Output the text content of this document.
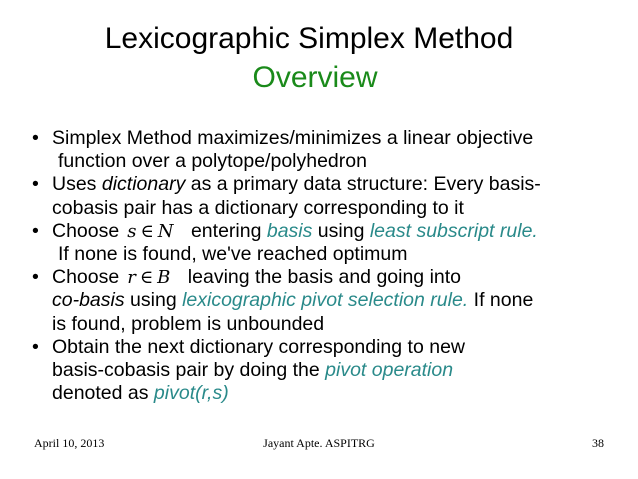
Lexicographic Simplex Method
Overview
• Simplex Method maximizes/minimizes a linear objective
function over a polytope/polyhedron
• Uses dictionary as a primary data structure: Every basis-
cobasis pair has a dictionary corresponding to it
• Choose s ∈ N entering basis using least subscript rule.
If none is found, we've reached optimum
• Choose r ∈ B leaving the basis and going into
co-basis using lexicographic pivot selection rule. If none
is found, problem is unbounded
• Obtain the next dictionary corresponding to new
basis-cobasis pair by doing the pivot operation
denoted as pivot(r,s)
April 10, 2013	Jayant Apte. ASPITRG	38
